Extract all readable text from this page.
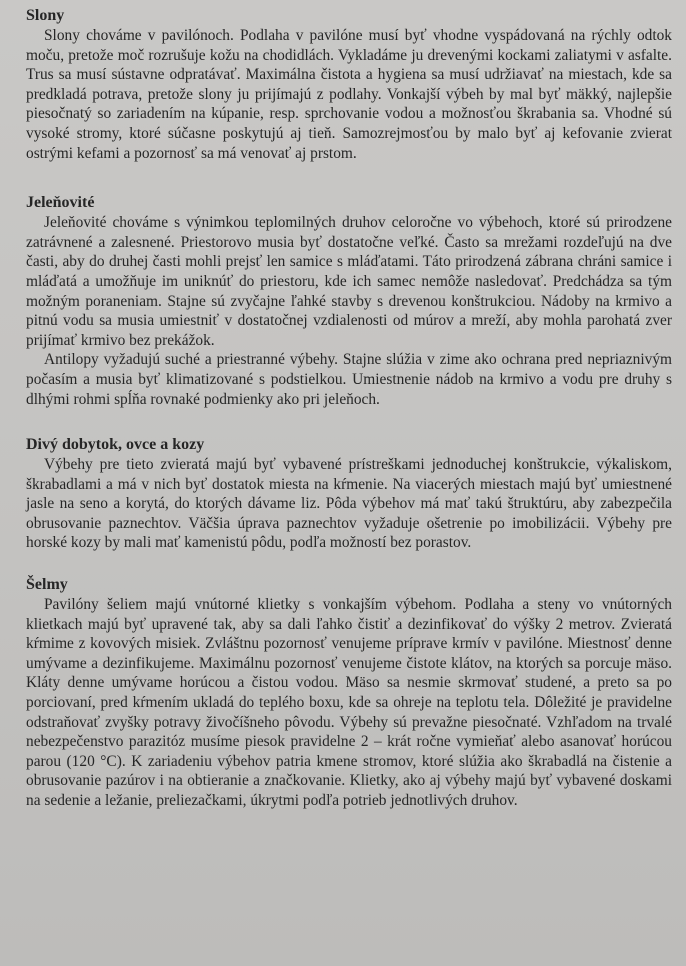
Slony

Slony chováme v pavilónoch. Podlaha v pavilóne musí byť vhodne vyspádovaná na rýchly odtok moču, pretože moč rozrušuje kožu na chodidlách. Vykladáme ju drevenými kockami zaliatymi v asfalte. Trus sa musí sústavne odpratávať. Maximálna čistota a hygiena sa musí udržiavať na miestach, kde sa predkladá potrava, pretože slony ju prijímajú z podlahy. Vonkajší výbeh by mal byť mäkký, najlepšie piesočnatý so zariadením na kúpanie, resp. sprchovanie vodou a možnosťou škrabania sa. Vhodné sú vysoké stromy, ktoré súčasne poskytujú aj tieň. Samozrejmosťou by malo byť aj kefovanie zvierat ostrými kefami a pozornosť sa má venovať aj prstom.

Jeleňovité

Jeleňovité chováme s výnimkou teplomilných druhov celoročne vo výbehoch, ktoré sú prirodzene zatrávnené a zalesnené. Priestorovo musia byť dostatočne veľké. Často sa mrežami rozdeľujú na dve časti, aby do druhej časti mohli prejsť len samice s mláďatami. Táto prirodzená zábrana chráni samice i mláďatá a umožňuje im uniknúť do priestoru, kde ich samec nemôže nasledovať. Predchádza sa tým možným poraneniam. Stajne sú zvyčajne ľahké stavby s drevenou konštrukciou. Nádoby na krmivo a pitnú vodu sa musia umiestniť v dostatočnej vzdialenosti od múrov a mreží, aby mohla parohatá zver prijímať krmivo bez prekážok.

Antilopy vyžadujú suché a priestranné výbehy. Stajne slúžia v zime ako ochrana pred nepriaznivým počasím a musia byť klimatizované s podstielkou. Umiestnenie nádob na krmivo a vodu pre druhy s dlhými rohmi spĺňa rovnaké podmienky ako pri jeleňoch.

Divý dobytok, ovce a kozy

Výbehy pre tieto zvieratá majú byť vybavené prístreškami jednoduchej konštrukcie, výkaliskom, škrabadlami a má v nich byť dostatok miesta na kŕmenie. Na viacerých miestach majú byť umiestnené jasle na seno a korytá, do ktorých dávame liz. Pôda výbehov má mať takú štruktúru, aby zabezpečila obrusovanie paznechtov. Väčšia úprava paznechtov vyžaduje ošetrenie po imobilizácii. Výbehy pre horské kozy by mali mať kamenistú pôdu, podľa možností bez porastov.

Šelmy

Pavilóny šeliem majú vnútorné klietky s vonkajším výbehom. Podlaha a steny vo vnútorných klietkach majú byť upravené tak, aby sa dali ľahko čistiť a dezinfikovať do výšky 2 metrov. Zvieratá kŕmime z kovových misiek. Zvláštnu pozornosť venujeme príprave krmív v pavilóne. Miestnosť denne umývame a dezinfikujeme. Maximálnu pozornosť venujeme čistote klátov, na ktorých sa porcuje mäso. Kláty denne umývame horúcou a čistou vodou. Mäso sa nesmie skrmovať studené, a preto sa po porciovaní, pred kŕmením ukladá do teplého boxu, kde sa ohreje na teplotu tela. Dôležité je pravidelne odstraňovať zvyšky potravy živočíšneho pôvodu. Výbehy sú prevažne piesočnaté. Vzhľadom na trvalé nebezpečenstvo parazitóz musíme piesok pravidelne 2 – krát ročne vymieňať alebo asanovať horúcou parou (120 °C). K zariadeniu výbehov patria kmene stromov, ktoré slúžia ako škrabadlá na čistenie a obrusovanie pazúrov i na obtieranie a značkovanie. Klietky, ako aj výbehy majú byť vybavené doskami na sedenie a ležanie, preliezačkami, úkrytmi podľa potrieb jednotlivých druhov.
